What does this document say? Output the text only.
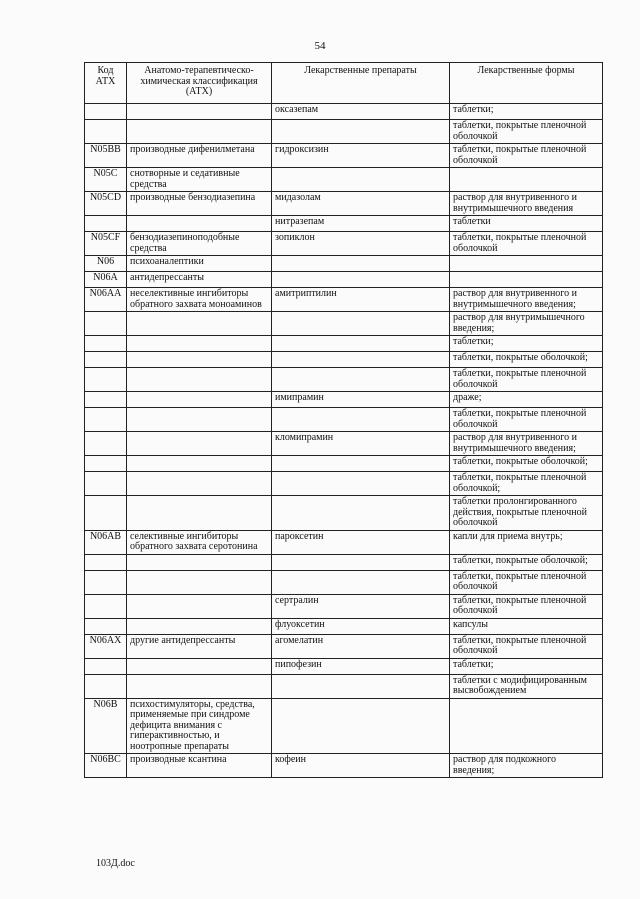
54
Код АТХ	Анатомо-терапевтическо-химическая классификация (АТХ)	Лекарственные препараты	Лекарственные формы
		оксазепам	таблетки;
			таблетки, покрытые пленочной оболочкой
N05BB	производные дифенилметана	гидроксизин	таблетки, покрытые пленочной оболочкой
N05C	снотворные и седативные средства		
N05CD	производные бензодиазепина	мидазолам	раствор для внутривенного и внутримышечного введения
		нитразепам	таблетки
N05CF	бензодиазепиноподобные средства	зопиклон	таблетки, покрытые пленочной оболочкой
N06	психоаналептики		
N06A	антидепрессанты		
N06AA	неселективные ингибиторы обратного захвата моноаминов	амитриптилин	раствор для внутривенного и внутримышечного введения;
			раствор для внутримышечного введения;
			таблетки;
			таблетки, покрытые оболочкой;
			таблетки, покрытые пленочной оболочкой
		имипрамин	драже;
			таблетки, покрытые пленочной оболочкой
		кломипрамин	раствор для внутривенного и внутримышечного введения;
			таблетки, покрытые оболочкой;
			таблетки, покрытые пленочной оболочкой;
			таблетки пролонгированного действия, покрытые пленочной оболочкой
N06AB	селективные ингибиторы обратного захвата серотонина	пароксетин	капли для приема внутрь;
			таблетки, покрытые оболочкой;
			таблетки, покрытые пленочной оболочкой
		сертралин	таблетки, покрытые пленочной оболочкой
		флуоксетин	капсулы
N06AX	другие антидепрессанты	агомелатин	таблетки, покрытые пленочной оболочкой
		пипофезин	таблетки;
			таблетки с модифицированным высвобождением
N06B	психостимуляторы, средства, применяемые при синдроме дефицита внимания с гиперактивностью, и ноотропные препараты		
N06BC	производные ксантина	кофеин	раствор для подкожного введения;
103Д.doc
